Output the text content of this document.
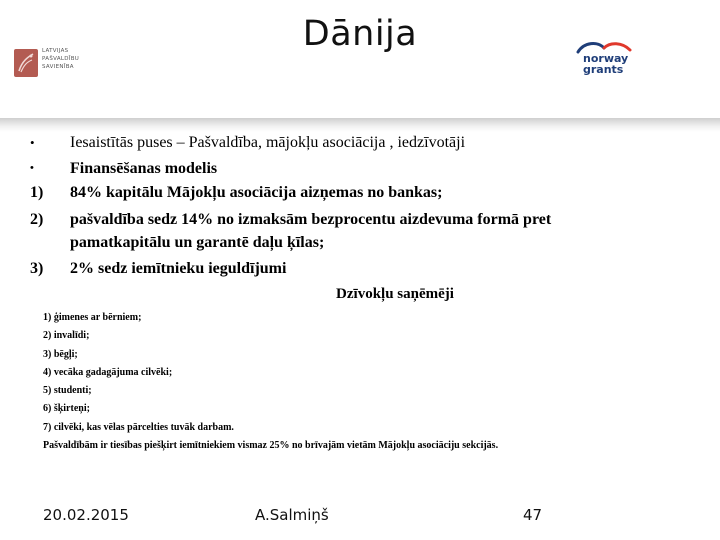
Dānija
LATVIJAS
PAŠVALDĪBU
SAVIENĪBA
norway
grants
• Iesaistītās puses – Pašvaldība, mājokļu asociācija , iedzīvotāji
• Finansēšanas modelis
1) 84% kapitālu Mājokļu asociācija aizņemas no bankas;
2) pašvaldība sedz 14% no izmaksām bezprocentu aizdevuma formā pret
pamatkapitālu un garantē daļu ķīlas;
3) 2% sedz iemītnieku ieguldījumi
Dzīvokļu saņēmēji
1) ģimenes ar bērniem;
2) invalīdi;
3) bēgļi;
4) vecāka gadagājuma cilvēki;
5) studenti;
6) šķirteņi;
7) cilvēki, kas vēlas pārcelties tuvāk darbam.
Pašvaldībām ir tiesības piešķirt iemītniekiem vismaz 25% no brīvajām vietām Mājokļu asociāciju sekcijās.
20.02.2015	A.Salmiņš	47
